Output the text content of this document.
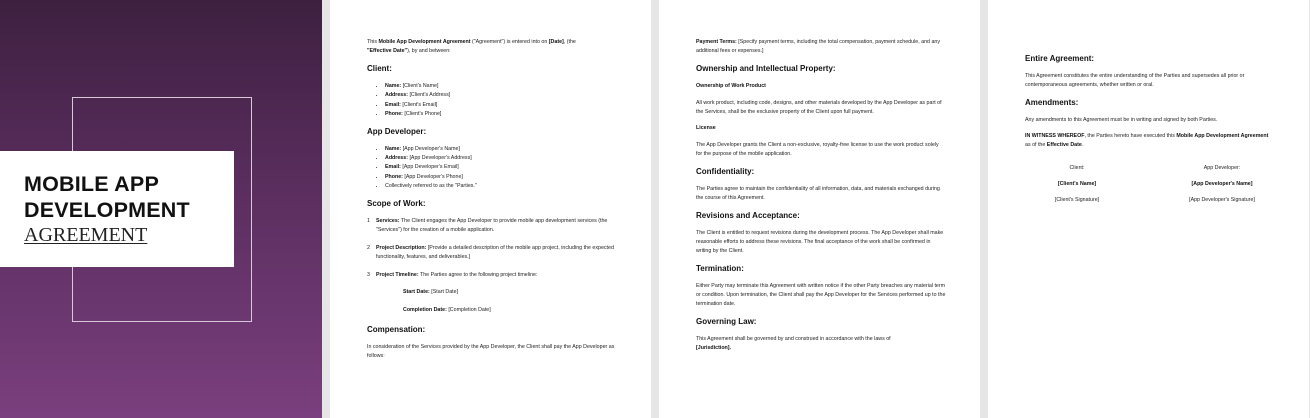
MOBILE APP
DEVELOPMENT
AGREEMENT

This Mobile App Development Agreement ("Agreement") is entered into on [Date], (the
"Effective Date"), by and between:

Client:
• Name: [Client's Name]
• Address: [Client's Address]
• Email: [Client's Email]
• Phone: [Client's Phone]
App Developer:
• Name: [App Developer's Name]
• Address: [App Developer's Address]
• Email: [App Developer's Email]
• Phone: [App Developer's Phone]
• Collectively referred to as the "Parties."
Scope of Work:
1 Services: The Client engages the App Developer to provide mobile app development services (the "Services") for the creation of a mobile application.
2 Project Description: [Provide a detailed description of the mobile app project, including the expected functionality, features, and deliverables.]
3 Project Timeline: The Parties agree to the following project timeline:
Start Date: [Start Date]
Completion Date: [Completion Date]
Compensation:

In consideration of the Services provided by the App Developer, the Client shall pay the App Developer as follows:

Payment Terms: [Specify payment terms, including the total compensation, payment schedule, and any additional fees or expenses.]

Ownership and Intellectual Property:
Ownership of Work Product

All work product, including code, designs, and other materials developed by the App Developer as part of the Services, shall be the exclusive property of the Client upon full payment.

License

The App Developer grants the Client a non-exclusive, royalty-free license to use the work product solely for the purpose of the mobile application.

Confidentiality:

The Parties agree to maintain the confidentiality of all information, data, and materials exchanged during the course of this Agreement.

Revisions and Acceptance:

The Client is entitled to request revisions during the development process. The App Developer shall make reasonable efforts to address these revisions. The final acceptance of the work shall be confirmed in writing by the Client.

Termination:

Either Party may terminate this Agreement with written notice if the other Party breaches any material term or condition. Upon termination, the Client shall pay the App Developer for the Services performed up to the termination date.

Governing Law:

This Agreement shall be governed by and construed in accordance with the laws of
[Jurisdiction].

Entire Agreement:

This Agreement constitutes the entire understanding of the Parties and supersedes all prior or contemporaneous agreements, whether written or oral.

Amendments:

Any amendments to this Agreement must be in writing and signed by both Parties.

IN WITNESS WHEREOF, the Parties hereto have executed this Mobile App Development Agreement
as of the Effective Date.

Client:
[Client's Name]
[Client's Signature]
App Developer:
[App Developer's Name]
[App Developer's Signature]
